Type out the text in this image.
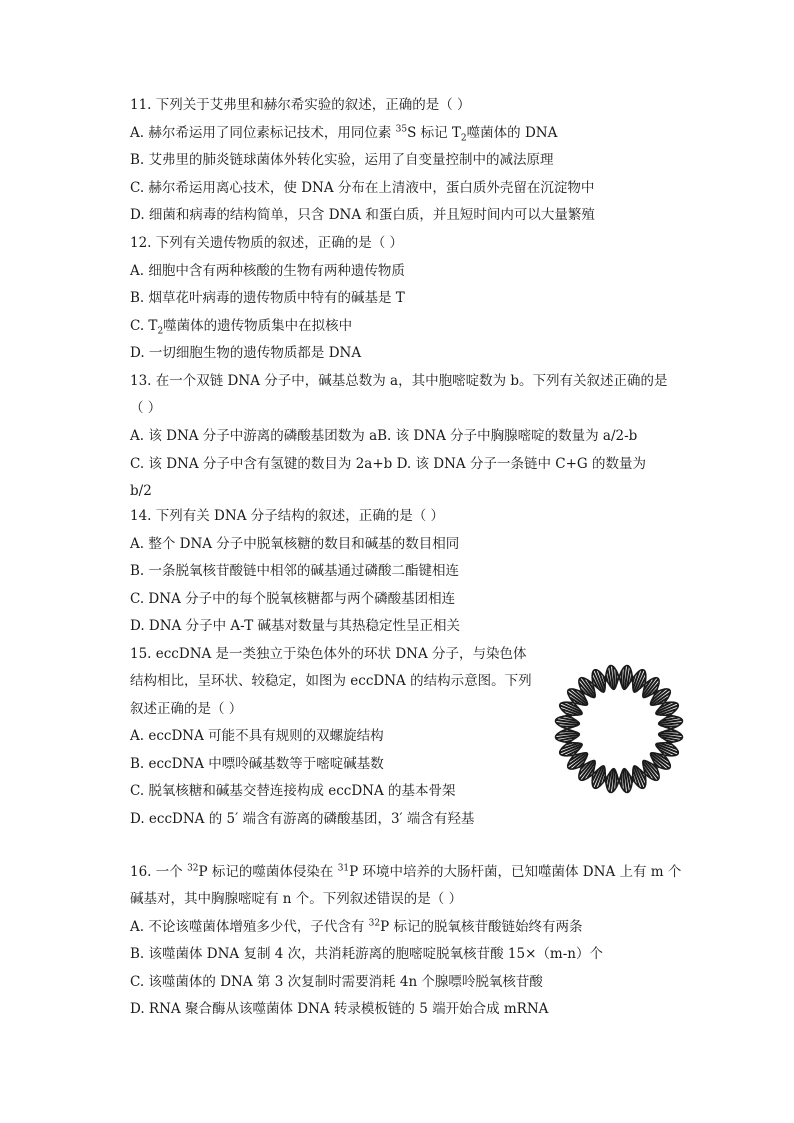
11. 下列关于艾弗里和赫尔希实验的叙述，正确的是（ ）
A. 赫尔希运用了同位素标记技术，用同位素 $^{35}$S 标记 $T_2$噬菌体的 DNA
B. 艾弗里的肺炎链球菌体外转化实验，运用了自变量控制中的减法原理
C. 赫尔希运用离心技术，使 DNA 分布在上清液中，蛋白质外壳留在沉淀物中
D. 细菌和病毒的结构简单，只含 DNA 和蛋白质，并且短时间内可以大量繁殖
12. 下列有关遗传物质的叙述，正确的是（ ）
A. 细胞中含有两种核酸的生物有两种遗传物质
B. 烟草花叶病毒的遗传物质中特有的碱基是 T
C. $T_2$噬菌体的遗传物质集中在拟核中
D. 一切细胞生物的遗传物质都是 DNA
13. 在一个双链 DNA 分子中，碱基总数为 a，其中胞嘧啶数为 b。下列有关叙述正确的是
（ ）
A. 该 DNA 分子中游离的磷酸基团数为 aB. 该 DNA 分子中胸腺嘧啶的数量为 a/2-b
C. 该 DNA 分子中含有氢键的数目为 2a+b D. 该 DNA 分子一条链中 C+G 的数量为
b/2
14. 下列有关 DNA 分子结构的叙述，正确的是（ ）
A. 整个 DNA 分子中脱氧核糖的数目和碱基的数目相同
B. 一条脱氧核苷酸链中相邻的碱基通过磷酸二酯键相连
C. DNA 分子中的每个脱氧核糖都与两个磷酸基团相连
D. DNA 分子中 A-T 碱基对数量与其热稳定性呈正相关
15. eccDNA 是一类独立于染色体外的环状 DNA 分子，与染色体
结构相比，呈环状、较稳定，如图为 eccDNA 的结构示意图。下列
叙述正确的是（ ）
A. eccDNA 可能不具有规则的双螺旋结构
B. eccDNA 中嘌呤碱基数等于嘧啶碱基数
C. 脱氧核糖和碱基交替连接构成 eccDNA 的基本骨架
D. eccDNA 的 5′ 端含有游离的磷酸基团，3′ 端含有羟基
16. 一个 $^{32}$P 标记的噬菌体侵染在 $^{31}$P 环境中培养的大肠杆菌，已知噬菌体 DNA 上有 m 个
碱基对，其中胸腺嘧啶有 n 个。下列叙述错误的是（ ）
A. 不论该噬菌体增殖多少代，子代含有 $^{32}$P 标记的脱氧核苷酸链始终有两条
B. 该噬菌体 DNA 复制 4 次，共消耗游离的胞嘧啶脱氧核苷酸 15×（m-n）个
C. 该噬菌体的 DNA 第 3 次复制时需要消耗 4n 个腺嘌呤脱氧核苷酸
D. RNA 聚合酶从该噬菌体 DNA 转录模板链的 5 端开始合成 mRNA
